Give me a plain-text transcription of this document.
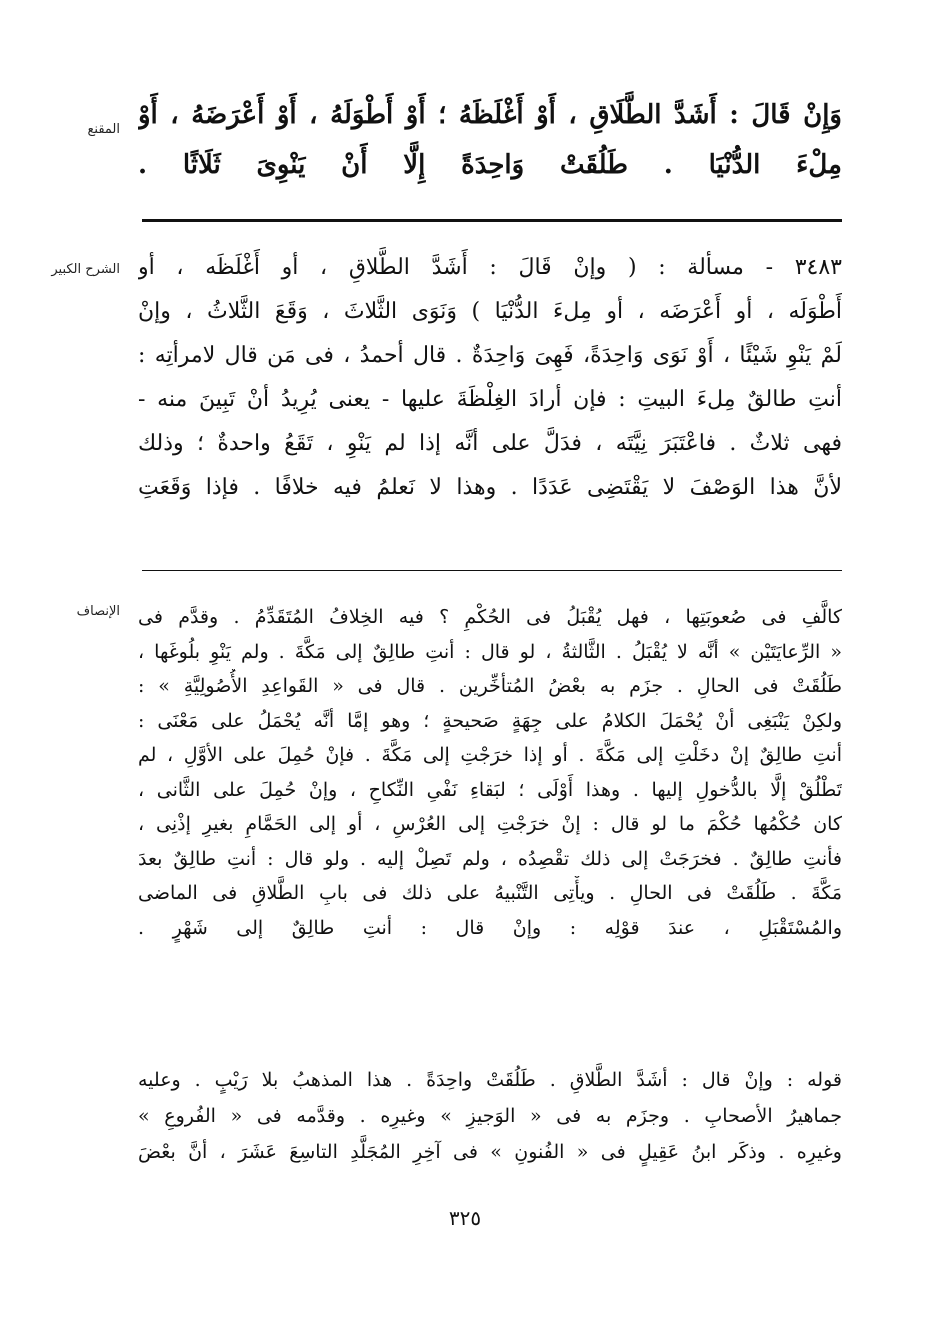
المقنع وَإِنْ قَالَ : أَشَدَّ الطَّلَاقِ ، أَوْ أَغْلَظَهُ ؛ أَوْ أَطْوَلَهُ ، أَوْ أَعْرَضَهُ ، أَوْ
مِلْءَ الدُّنْيَا . طَلُقَتْ وَاحِدَةً إِلَّا أَنْ يَنْوِىَ ثَلَاثًا .
الشرح الكبير ٣٤٨٣ - مسألة : ( وإنْ قَالَ : أَشَدَّ الطَّلاقِ ، أو أَغْلَظَه ، أو
أَطْوَلَه ، أو أَعْرَضَه ، أو مِلءَ الدُّنْيَا ) وَنَوَى الثَّلاثَ ، وَقَعَ الثَّلاثُ ، وإنْ
لَمْ يَنْوِ شَيْئًا ، أَوْ نَوَى وَاحِدَةً، فَهِىَ وَاحِدَةٌ . قال أحمدُ ، فى مَن قال لامرأتِه :
أنتِ طالقٌ مِلءَ البيتِ : فإن أرادَ الغِلْظَةَ عليها - يعنى يُرِيدُ أنْ تَبِينَ منه -
فهى ثلاثٌ . فاعْتَبَرَ نِيَّتَه ، فدَلَّ على أنَّه إذا لم يَنْوِ ، تَقَعُ واحدةٌ ؛ وذلك
لأنَّ هذا الوَصْفَ لا يَقْتَضِى عَدَدًا . وهذا لا نَعلمُ فيه خلافًا . فإذا وَقَعَتِ
الإنصاف كالَّفِ فى صُعوبَتِها ، فهل يُقْبَلُ فى الحُكْمِ ؟ فيه الخِلافُ المُتَقَدِّمُ . وقدَّم فى
« الرِّعايَتَيْن » أنَّه لا يُقْبَلُ . الثَّالثةُ ، لو قال : أنتِ طالِقٌ إلى مَكَّةَ . ولم يَنْوِ بلُوغَها ،
طَلُقَتْ فى الحالِ . جزَم به بعْضُ المُتأخِّرين . قال فى « القَواعِدِ الأُصُولِيَّةِ » :
ولكِنْ يَنْبَغِى أنْ يُحْمَلَ الكلامُ على جِهَةٍ صَحيحةٍ ؛ وهو إمَّا أنَّه يُحْمَلُ على مَعْنَى :
أنتِ طالِقٌ إنْ دخَلْتِ إلى مَكَّةَ . أو إذا خرَجْتِ إلى مَكَّةَ . فإنْ حُمِلَ على الأوَّلِ ، لم
تَطْلُقْ إلَّا بالدُّخولِ إليها . وهذا أَوْلَى ؛ لبَقاءِ نَفْىِ النِّكاحِ ، وإنْ حُمِلَ على الثَّانى ،
كان حُكْمُها حُكْمَ ما لو قال : إنْ خرَجْتِ إلى العُرْسِ ، أو إلى الحَمَّامِ بغيرِ إذْنِى ،
فأنتِ طالِقٌ . فخرَجَتْ إلى ذلك تقْصِدُه ، ولم تَصِلْ إليه . ولو قال : أنتِ طالِقٌ بعدَ
مَكَّةَ . طَلُقَتْ فى الحالِ . ويأْتِى التَّنْبيهُ على ذلك فى بابِ الطَّلاقِ فى الماضى
والمُسْتَقْبَلِ ، عندَ قوْلِه : وإنْ قال : أنتِ طالِقٌ إلى شَهْرٍ .
قوله : وإنْ قال : أشَدَّ الطَّلاقِ . طَلُقَتْ واحِدَةً . هذا المذهبُ بلا رَيْبٍ . وعليه
جماهيرُ الأصحابِ . وجزَم به فى « الوَجيزِ » وغيرِه . وقدَّمه فى « الفُروعِ »
وغيرِه . وذكَر ابنُ عَقِيلٍ فى « الفُنونِ » فى آخِرِ المُجَلَّدِ التاسِعَ عَشَرَ ، أنَّ بعْضَ
٣٢٥
